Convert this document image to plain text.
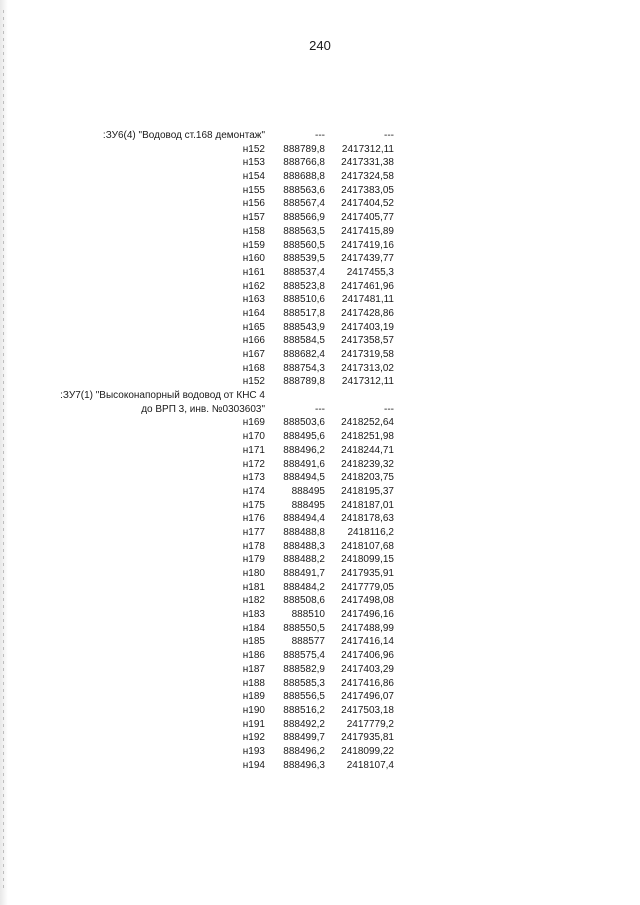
240
:ЗУ6(4) "Водовод ст.168 демонтаж"	---	---
н152	888789,8	2417312,11
н153	888766,8	2417331,38
н154	888688,8	2417324,58
н155	888563,6	2417383,05
н156	888567,4	2417404,52
н157	888566,9	2417405,77
н158	888563,5	2417415,89
н159	888560,5	2417419,16
н160	888539,5	2417439,77
н161	888537,4	2417455,3
н162	888523,8	2417461,96
н163	888510,6	2417481,11
н164	888517,8	2417428,86
н165	888543,9	2417403,19
н166	888584,5	2417358,57
н167	888682,4	2417319,58
н168	888754,3	2417313,02
н152	888789,8	2417312,11
:ЗУ7(1) "Высоконапорный водовод от КНС 4
до ВРП 3, инв. №0303603"	---	---
н169	888503,6	2418252,64
н170	888495,6	2418251,98
н171	888496,2	2418244,71
н172	888491,6	2418239,32
н173	888494,5	2418203,75
н174	888495	2418195,37
н175	888495	2418187,01
н176	888494,4	2418178,63
н177	888488,8	2418116,2
н178	888488,3	2418107,68
н179	888488,2	2418099,15
н180	888491,7	2417935,91
н181	888484,2	2417779,05
н182	888508,6	2417498,08
н183	888510	2417496,16
н184	888550,5	2417488,99
н185	888577	2417416,14
н186	888575,4	2417406,96
н187	888582,9	2417403,29
н188	888585,3	2417416,86
н189	888556,5	2417496,07
н190	888516,2	2417503,18
н191	888492,2	2417779,2
н192	888499,7	2417935,81
н193	888496,2	2418099,22
н194	888496,3	2418107,4
